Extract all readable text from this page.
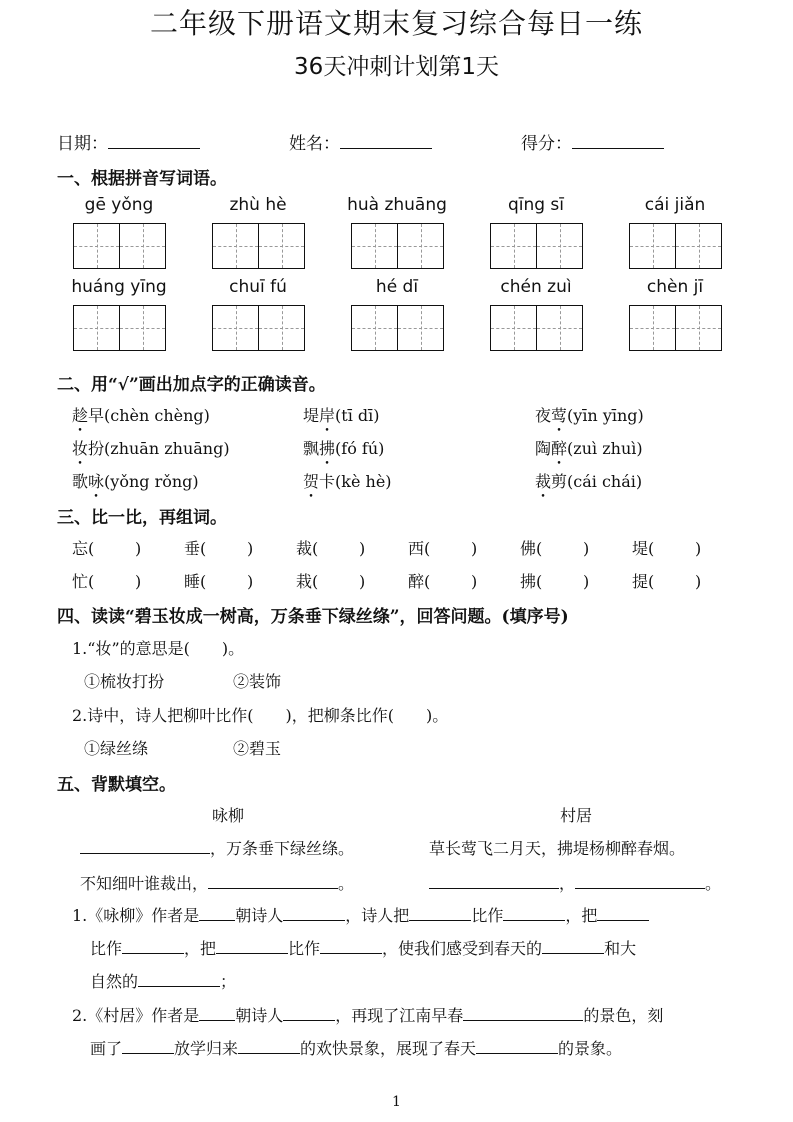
二年级下册语文期末复习综合每日一练
36天冲刺计划第1天
日期：	姓名：	得分：
一、根据拼音写词语。
gē yǒng	zhù hè	huà zhuāng	qīng sī	cái jiǎn
huáng yīng	chuī fú	hé dī	chén zuì	chèn jī
二、用“√”画出加点字的正确读音。
趁早(chèn chèng)	堤岸(tī dī)	夜莺(yīn yīng)
妆扮(zhuān zhuāng)	飘拂(fó fú)	陶醉(zuì zhuì)
歌咏(yǒng rǒng)	贺卡(kè hè)	裁剪(cái chái)
三、比一比，再组词。
忘(        )	垂(        )	裁(        )	西(        )	佛(        )	堤(        )
忙(        )	睡(        )	栽(        )	醉(        )	拂(        )	提(        )
四、读读“碧玉妆成一树高，万条垂下绿丝绦”，回答问题。(填序号)
1.“妆”的意思是(　　)。
①梳妆打扮	②装饰
2.诗中，诗人把柳叶比作(　　)，把柳条比作(　　)。
①绿丝绦	②碧玉
五、背默填空。
咏柳	村居
，万条垂下绿丝绦。	草长莺飞二月天，拂堤杨柳醉春烟。
不知细叶谁裁出，	。	，	。
1.《咏柳》作者是 朝诗人	，诗人把	比作	，把
比作	，把	比作	，使我们感受到春天的	和大
自然的	；
2.《村居》作者是 朝诗人	，再现了江南早春	的景色，刻
画了	放学归来	的欢快景象，展现了春天	的景象。
1
